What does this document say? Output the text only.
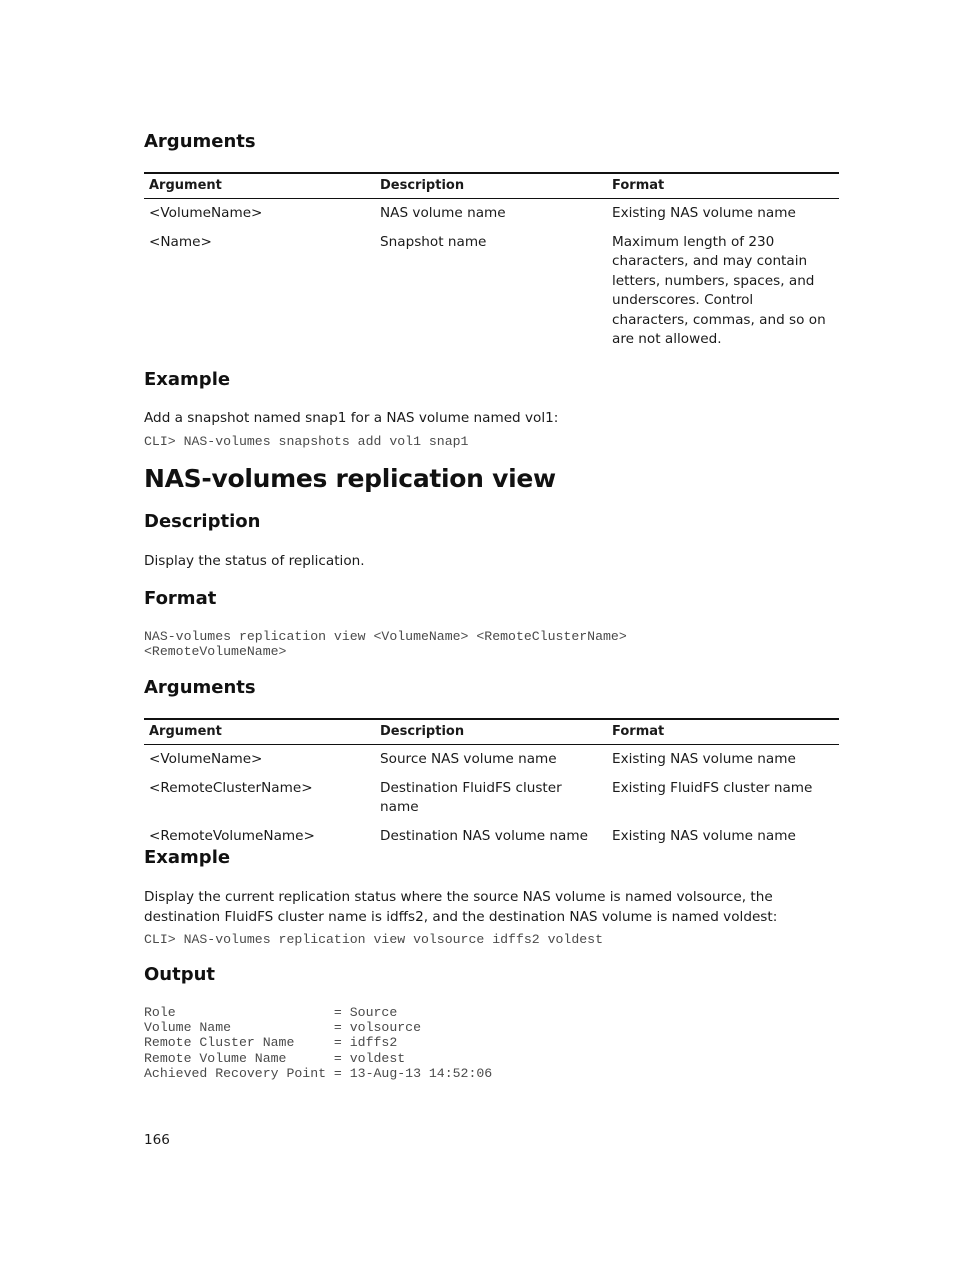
Arguments
Argument	Description	Format
<VolumeName>	NAS volume name	Existing NAS volume name
<Name>	Snapshot name	Maximum length of 230 characters, and may contain letters, numbers, spaces, and underscores. Control characters, commas, and so on are not allowed.
Example

Add a snapshot named snap1 for a NAS volume named vol1:

CLI> NAS-volumes snapshots add vol1 snap1
NAS-volumes replication view
Description

Display the status of replication.

Format
NAS-volumes replication view <VolumeName> <RemoteClusterName>
<RemoteVolumeName>
Arguments
Argument	Description	Format
<VolumeName>	Source NAS volume name	Existing NAS volume name
<RemoteClusterName>	Destination FluidFS cluster name	Existing FluidFS cluster name
<RemoteVolumeName>	Destination NAS volume name	Existing NAS volume name
Example

Display the current replication status where the source NAS volume is named volsource, the destination FluidFS cluster name is idffs2, and the destination NAS volume is named voldest:

CLI> NAS-volumes replication view volsource idffs2 voldest
Output
Role                    = Source
Volume Name             = volsource
Remote Cluster Name     = idffs2
Remote Volume Name      = voldest
Achieved Recovery Point = 13-Aug-13 14:52:06

166
